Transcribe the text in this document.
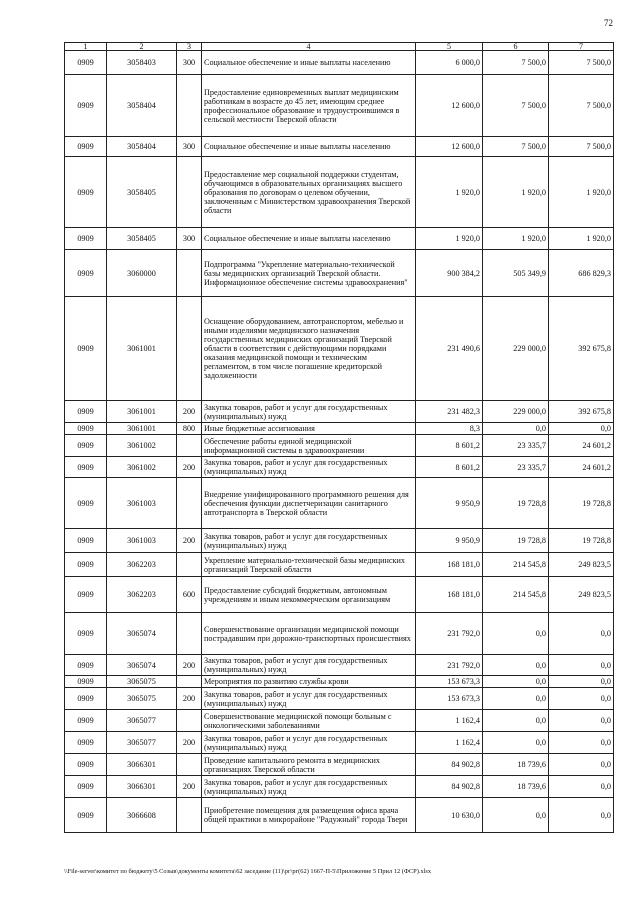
72
1	2	3	4	5	6	7
0909	3058403	300	Социальное обеспечение и иные выплаты населению	6 000,0	7 500,0	7 500,0
0909	3058404		Предоставление единовременных выплат медицинским работникам в возрасте до 45 лет, имеющим среднее профессиональное образование и трудоустроившимся в сельской местности Тверской области	12 600,0	7 500,0	7 500,0
0909	3058404	300	Социальное обеспечение и иные выплаты населению	12 600,0	7 500,0	7 500,0
0909	3058405		Предоставление мер социальной поддержки студентам, обучающимся в образовательных организациях высшего образования по договорам о целевом обучении, заключенным с Министерством здравоохранения Тверской области	1 920,0	1 920,0	1 920,0
0909	3058405	300	Социальное обеспечение и иные выплаты населению	1 920,0	1 920,0	1 920,0
0909	3060000		Подпрограмма "Укрепление материально-технической базы медицинских организаций Тверской области. Информационное обеспечение системы здравоохранения"	900 384,2	505 349,9	686 829,3
0909	3061001		Оснащение оборудованием, автотранспортом, мебелью и иными изделиями медицинского назначения государственных медицинских организаций Тверской области в соответствии с действующими порядками оказания медицинской помощи и техническим регламентом, в том числе погашение кредиторской задолженности	231 490,6	229 000,0	392 675,8
0909	3061001	200	Закупка товаров, работ и услуг для государственных (муниципальных) нужд	231 482,3	229 000,0	392 675,8
0909	3061001	800	Иные бюджетные ассигнования	8,3	0,0	0,0
0909	3061002		Обеспечение работы единой медицинской информационной системы в здравоохранении	8 601,2	23 335,7	24 601,2
0909	3061002	200	Закупка товаров, работ и услуг для государственных (муниципальных) нужд	8 601,2	23 335,7	24 601,2
0909	3061003		Внедрение унифицированного программного решения для обеспечения функции диспетчеризации санитарного автотранспорта в Тверской области	9 950,9	19 728,8	19 728,8
0909	3061003	200	Закупка товаров, работ и услуг для государственных (муниципальных) нужд	9 950,9	19 728,8	19 728,8
0909	3062203		Укрепление материально-технической базы медицинских организаций Тверской области	168 181,0	214 545,8	249 823,5
0909	3062203	600	Предоставление субсидий бюджетным, автономным учреждениям и иным некоммерческим организациям	168 181,0	214 545,8	249 823,5
0909	3065074		Совершенствование организации медицинской помощи пострадавшим при дорожно-транспортных происшествиях	231 792,0	0,0	0,0
0909	3065074	200	Закупка товаров, работ и услуг для государственных (муниципальных) нужд	231 792,0	0,0	0,0
0909	3065075		Мероприятия по развитию службы крови	153 673,3	0,0	0,0
0909	3065075	200	Закупка товаров, работ и услуг для государственных (муниципальных) нужд	153 673,3	0,0	0,0
0909	3065077		Совершенствование медицинской помощи больным с онкологическими заболеваниями	1 162,4	0,0	0,0
0909	3065077	200	Закупка товаров, работ и услуг для государственных (муниципальных) нужд	1 162,4	0,0	0,0
0909	3066301		Проведение капитального ремонта в медицинских организациях Тверской области	84 902,8	18 739,6	0,0
0909	3066301	200	Закупка товаров, работ и услуг для государственных (муниципальных) нужд	84 902,8	18 739,6	0,0
0909	3066608		Приобретение помещения для размещения офиса врача общей практики в микрорайоне "Радужный" города Твери	10 630,0	0,0	0,0
\\File-server\комитет по бюджету\5 Созыв\документы комитета\62 заседание (11)\рг\рг(62) 1667-П-5\Приложение 5 Прил 12 (ФСР).xlsx
